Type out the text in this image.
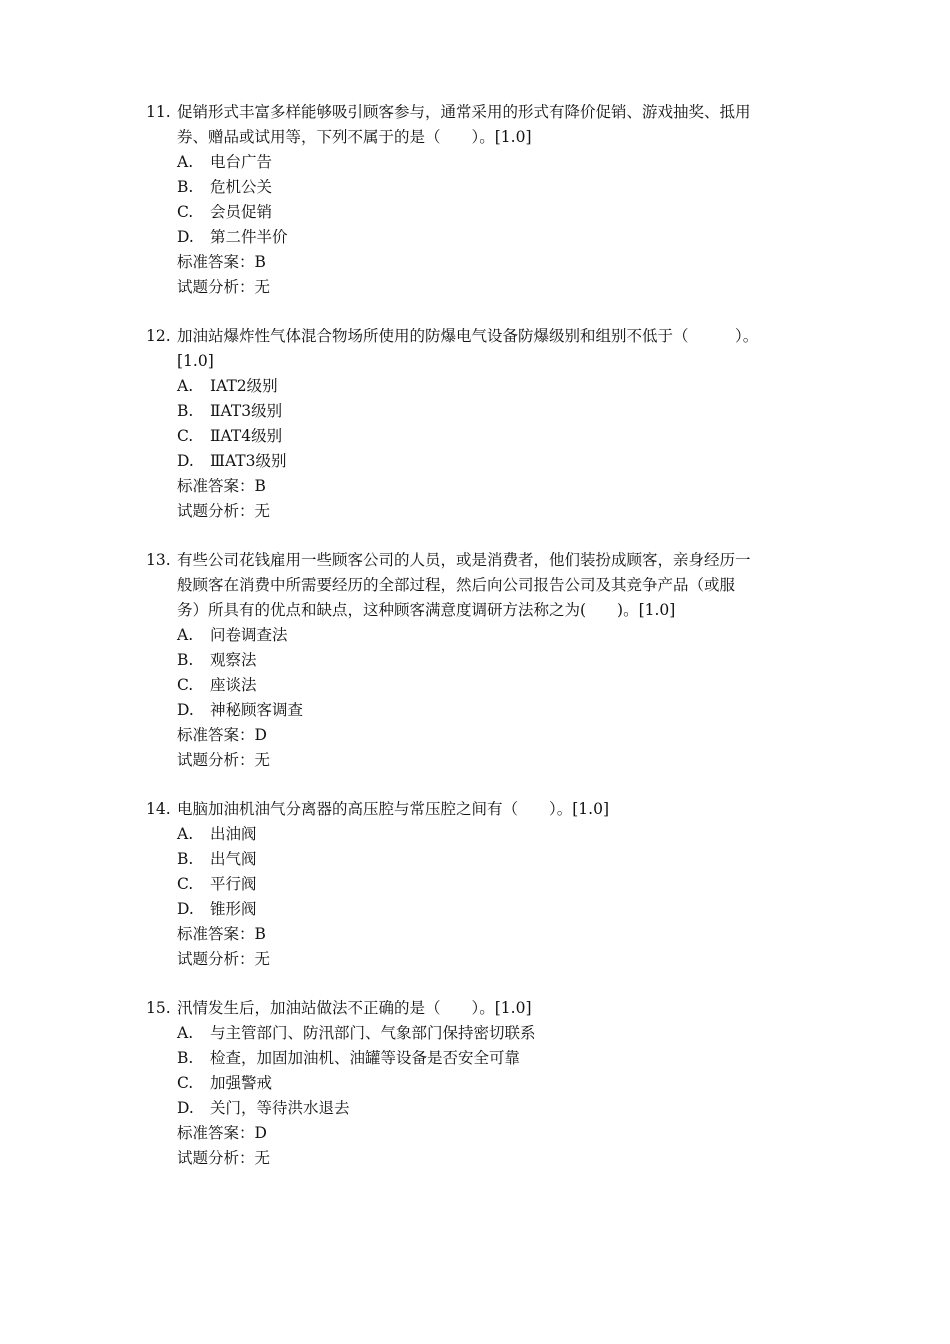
11. 促销形式丰富多样能够吸引顾客参与，通常采用的形式有降价促销、游戏抽奖、抵用
券、赠品或试用等，下列不属于的是（　　）。[1.0]
A. 电台广告
B. 危机公关
C. 会员促销
D. 第二件半价
标准答案：B
试题分析：无
12. 加油站爆炸性气体混合物场所使用的防爆电气设备防爆级别和组别不低于（　　　）。
[1.0]
A. ⅠAT2级别
B. ⅡAT3级别
C. ⅡAT4级别
D. ⅢAT3级别
标准答案：B
试题分析：无
13. 有些公司花钱雇用一些顾客公司的人员，或是消费者，他们装扮成顾客，亲身经历一
般顾客在消费中所需要经历的全部过程，然后向公司报告公司及其竞争产品（或服
务）所具有的优点和缺点，这种顾客满意度调研方法称之为(　　)。[1.0]
A. 问卷调查法
B. 观察法
C. 座谈法
D. 神秘顾客调查
标准答案：D
试题分析：无
14. 电脑加油机油气分离器的高压腔与常压腔之间有（　　）。[1.0]
A. 出油阀
B. 出气阀
C. 平行阀
D. 锥形阀
标准答案：B
试题分析：无
15. 汛情发生后，加油站做法不正确的是（　　）。[1.0]
A. 与主管部门、防汛部门、气象部门保持密切联系
B. 检查，加固加油机、油罐等设备是否安全可靠
C. 加强警戒
D. 关门，等待洪水退去
标准答案：D
试题分析：无
